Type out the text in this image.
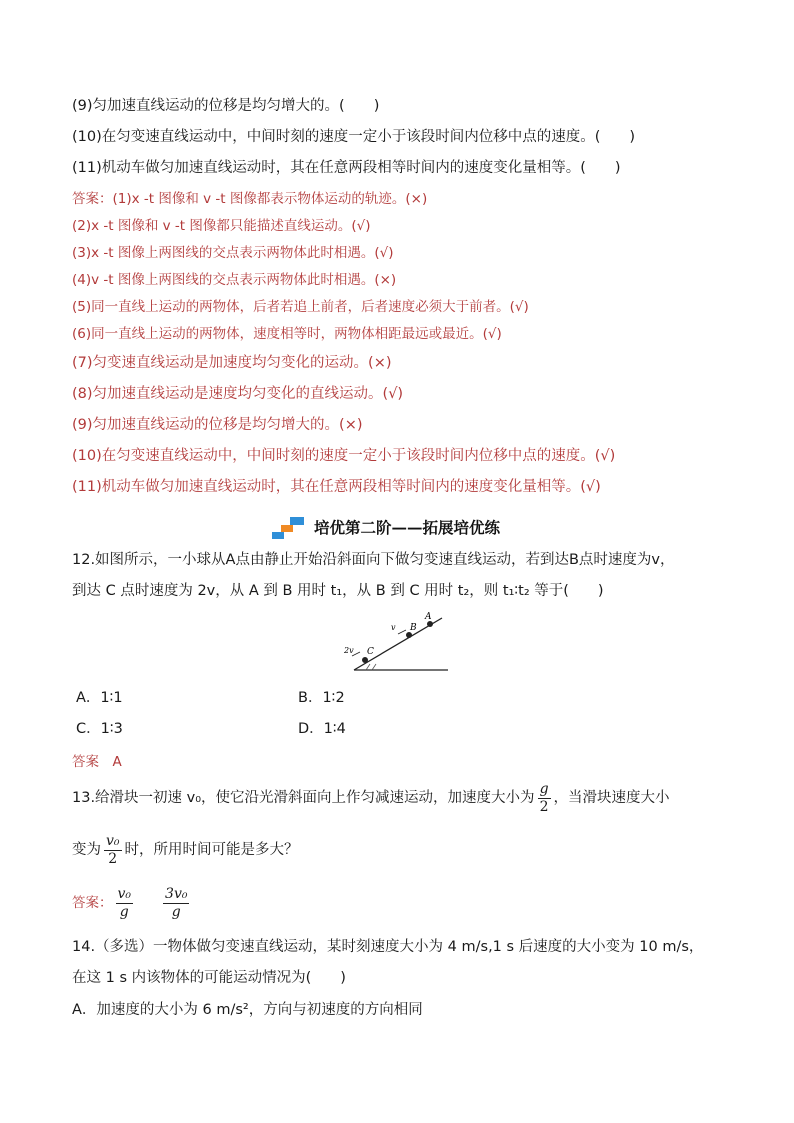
(9)匀加速直线运动的位移是均匀增大的。(　　)
(10)在匀变速直线运动中，中间时刻的速度一定小于该段时间内位移中点的速度。(　　)
(11)机动车做匀加速直线运动时，其在任意两段相等时间内的速度变化量相等。(　　)
答案：(1)x -t 图像和 v -t 图像都表示物体运动的轨迹。(×)
(2)x -t 图像和 v -t 图像都只能描述直线运动。(√)
(3)x -t 图像上两图线的交点表示两物体此时相遇。(√)
(4)v -t 图像上两图线的交点表示两物体此时相遇。(×)
(5)同一直线上运动的两物体，后者若追上前者，后者速度必须大于前者。(√)
(6)同一直线上运动的两物体，速度相等时，两物体相距最远或最近。(√)
(7)匀变速直线运动是加速度均匀变化的运动。(×)
(8)匀加速直线运动是速度均匀变化的直线运动。(√)
(9)匀加速直线运动的位移是均匀增大的。(×)
(10)在匀变速直线运动中，中间时刻的速度一定小于该段时间内位移中点的速度。(√)
(11)机动车做匀加速直线运动时，其在任意两段相等时间内的速度变化量相等。(√)
培优第二阶——拓展培优练
12.如图所示，一小球从A点由静止开始沿斜面向下做匀变速直线运动，若到达B点时速度为v，
到达 C 点时速度为 2v，从 A 到 B 用时 t₁，从 B 到 C 用时 t₂，则 t₁∶t₂ 等于(　　)
A
B
C
v
2v
A．1∶1	B．1∶2
C．1∶3	D．1∶4
答案　A
13.给滑块一初速 v₀，使它沿光滑斜面向上作匀减速运动，加速度大小为 $\frac{g}{2}$ ，当滑块速度大小
变为 $\frac{\text{v₀}}{2}$ 时，所用时间可能是多大？
答案： $\frac{\text{v₀}}{g} \frac{\text{3v₀}}{g}$
14.（多选）一物体做匀变速直线运动，某时刻速度大小为 4 m/s,1 s 后速度的大小变为 10 m/s，
在这 1 s 内该物体的可能运动情况为(　　)
A．加速度的大小为 6 m/s²，方向与初速度的方向相同
